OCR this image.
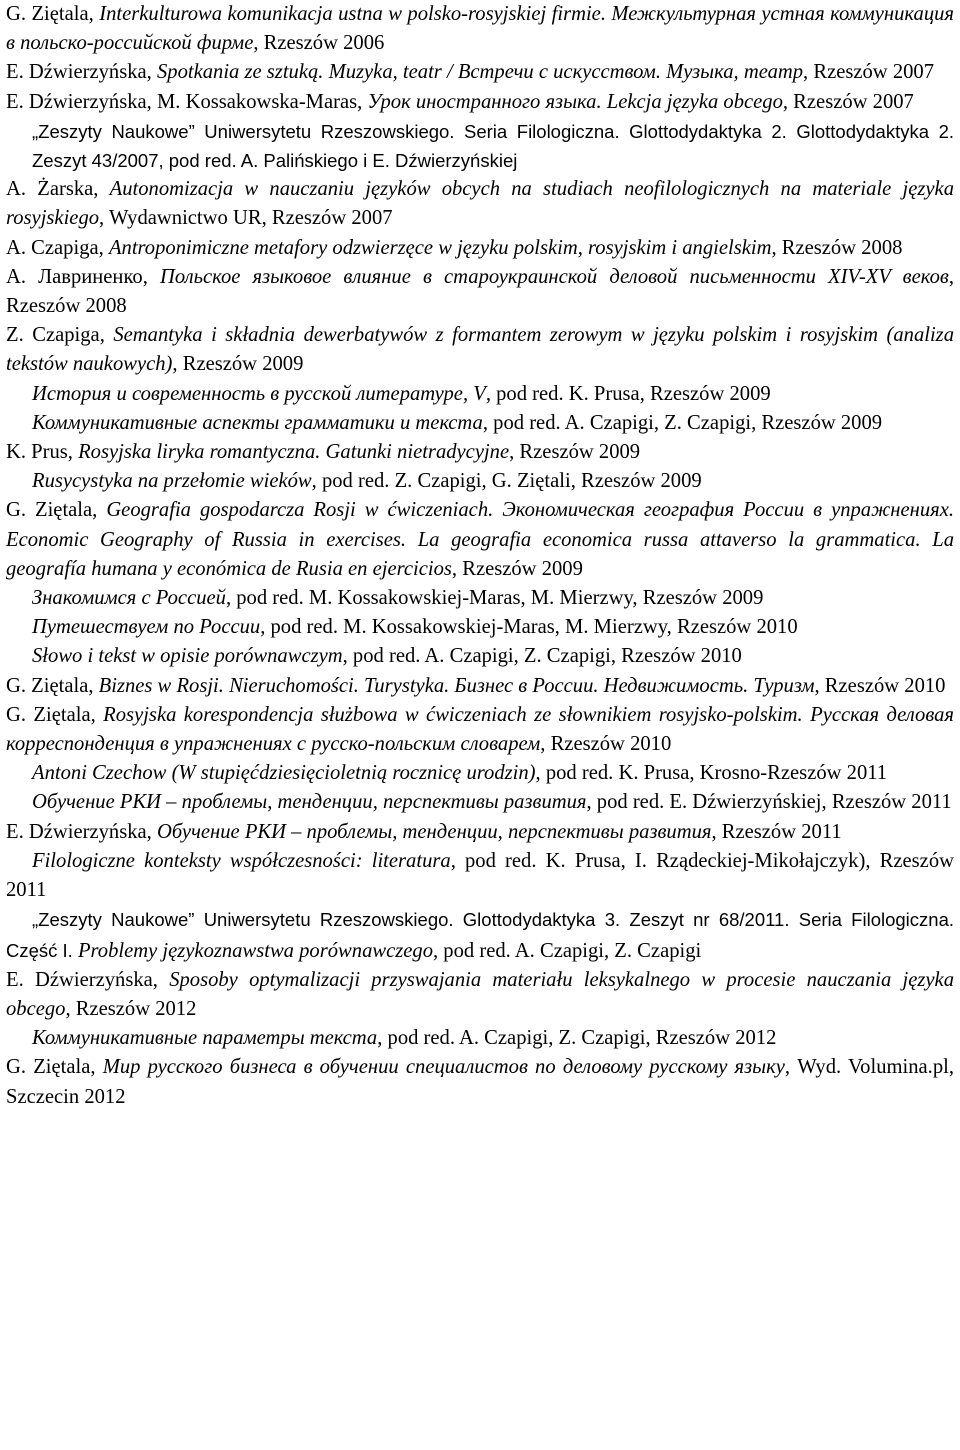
G. Ziętala, Interkulturowa komunikacja ustna w polsko-rosyjskiej firmie. Межкультурная устная коммуникация в польско-российской фирме, Rzeszów 2006

E. Dźwierzyńska, Spotkania ze sztuką. Muzyka, teatr / Встречи с искусством. Музыка, театр, Rzeszów 2007

E. Dźwierzyńska, M. Kossakowska-Maras, Урок иностранного языка. Lekcja języka obcego, Rzeszów 2007

„Zeszyty Naukowe” Uniwersytetu Rzeszowskiego. Seria Filologiczna. Glottodydaktyka 2. Glottodydaktyka 2. Zeszyt 43/2007, pod red. A. Palińskiego i E. Dźwierzyńskiej

A. Żarska, Autonomizacja w nauczaniu języków obcych na studiach neofilologicznych na materiale języka rosyjskiego, Wydawnictwo UR, Rzeszów 2007

A. Czapiga, Antroponimiczne metafory odzwierzęce w języku polskim, rosyjskim i angielskim, Rzeszów 2008

A. Лавриненко, Польское языковое влияние в староукраинской деловой письменности XIV-XV веков, Rzeszów 2008

Z. Czapiga, Semantyka i składnia dewerbatywów z formantem zerowym w języku polskim i rosyjskim (analiza tekstów naukowych), Rzeszów 2009

История и современность в русской литературе, V, pod red. K. Prusa, Rzeszów 2009

Коммуникативные аспекты грамматики и текста, pod red. A. Czapigi, Z. Czapigi, Rzeszów 2009

K. Prus, Rosyjska liryka romantyczna. Gatunki nietradycyjne, Rzeszów 2009

Rusycystyka na przełomie wieków, pod red. Z. Czapigi, G. Ziętali, Rzeszów 2009

G. Ziętala, Geografia gospodarcza Rosji w ćwiczeniach. Экономическая география России в упражнениях. Economic Geography of Russia in exercises. La geografia economica russa attaverso la grammatica. La geografía humana y económica de Rusia en ejercicios, Rzeszów 2009

Знакомимся с Россией, pod red. M. Kossakowskiej-Maras, M. Mierzwy, Rzeszów 2009

Путешествуем по России, pod red. M. Kossakowskiej-Maras, M. Mierzwy, Rzeszów 2010

Słowo i tekst w opisie porównawczym, pod red. A. Czapigi, Z. Czapigi, Rzeszów 2010

G. Ziętala, Biznes w Rosji. Nieruchomości. Turystyka. Бизнес в России. Недвижимость. Туризм, Rzeszów 2010

G. Ziętala, Rosyjska korespondencja służbowa w ćwiczeniach ze słownikiem rosyjsko-polskim. Русская деловая корреспонденция в упражнениях с русско-польским словарем, Rzeszów 2010

Antoni Czechow (W stupięćdziesięcioletnią rocznicę urodzin), pod red. K. Prusa, Krosno-Rzeszów 2011

Обучение РКИ – проблемы, тенденции, перспективы развития, pod red. E. Dźwierzyńskiej, Rzeszów 2011

E. Dźwierzyńska, Обучение РКИ – проблемы, тенденции, перспективы развития, Rzeszów 2011

Filologiczne konteksty współczesności: literatura, pod red. K. Prusa, I. Rządeckiej-Mikołajczyk), Rzeszów 2011

„Zeszyty Naukowe” Uniwersytetu Rzeszowskiego. Glottodydaktyka 3. Zeszyt nr 68/2011. Seria Filologiczna. Część I. Problemy językoznawstwa porównawczego, pod red. A. Czapigi, Z. Czapigi

E. Dźwierzyńska, Sposoby optymalizacji przyswajania materiału leksykalnego w procesie nauczania języka obcego, Rzeszów 2012

Коммуникативные параметры текста, pod red. A. Czapigi, Z. Czapigi, Rzeszów 2012

G. Ziętala, Мир русского бизнеса в обучении специалистов по деловому русскому языку, Wyd. Volumina.pl, Szczecin 2012
